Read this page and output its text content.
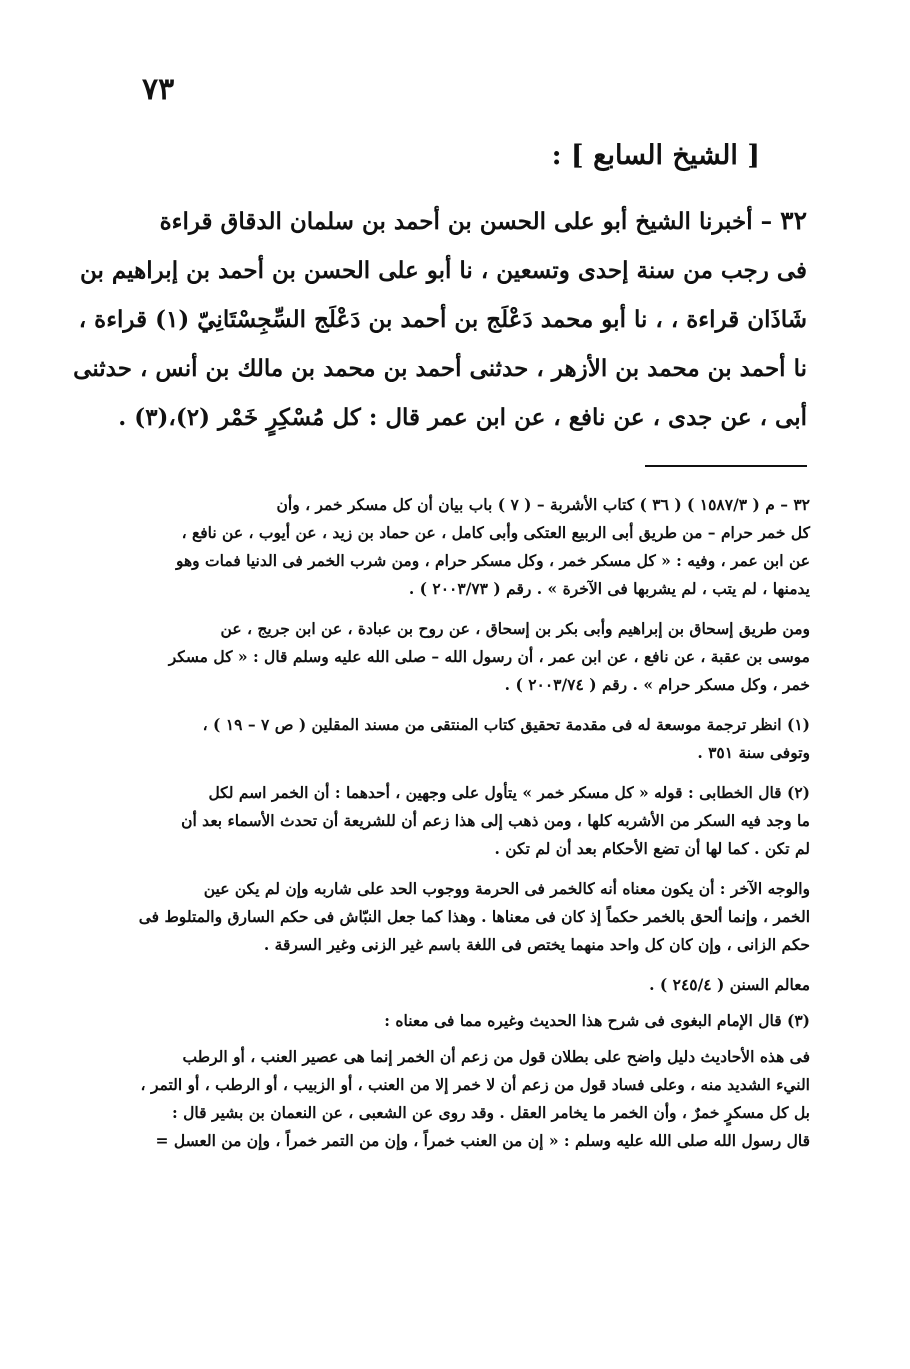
٧٣
[ الشيخ السابع ] :
٣٢ – أخبرنا الشيخ أبو على الحسن بن أحمد بن سلمان الدقاق قراءة
فى رجب من سنة إحدى وتسعين ، نا أبو على الحسن بن أحمد بن إبراهيم بن
شَاذَان قراءة ، ، نا أبو محمد دَعْلَج بن أحمد بن دَعْلَج السِّجِسْتَانِيّ (١) قراءة ،
نا أحمد بن محمد بن الأزهر ، حدثنى أحمد بن محمد بن مالك بن أنس ، حدثنى
أبى ، عن جدى ، عن نافع ، عن ابن عمر قال : كل مُسْكِرٍ خَمْر (٢)،(٣) .
٣٢ – م ( ١٥٨٧/٣ ) ( ٣٦ ) كتاب الأشربة – ( ٧ ) باب بيان أن كل مسكر خمر ، وأن
كل خمر حرام – من طريق أبى الربيع العتكى وأبى كامل ، عن حماد بن زيد ، عن أيوب ، عن نافع ،
عن ابن عمر ، وفيه : « كل مسكر خمر ، وكل مسكر حرام ، ومن شرب الخمر فى الدنيا فمات وهو
يدمنها ، لم يتب ، لم يشربها فى الآخرة » . رقم ( ٢٠٠٣/٧٣ ) .
ومن طريق إسحاق بن إبراهيم وأبى بكر بن إسحاق ، عن روح بن عبادة ، عن ابن جريج ، عن
موسى بن عقبة ، عن نافع ، عن ابن عمر ، أن رسول الله – صلى الله عليه وسلم قال : « كل مسكر
خمر ، وكل مسكر حرام » . رقم ( ٢٠٠٣/٧٤ ) .
(١) انظر ترجمة موسعة له فى مقدمة تحقيق كتاب المنتقى من مسند المقلين ( ص ٧ – ١٩ ) ،
وتوفى سنة ٣٥١ .
(٢) قال الخطابى : قوله « كل مسكر خمر » يتأول على وجهين ، أحدهما : أن الخمر اسم لكل
ما وجد فيه السكر من الأشربه كلها ، ومن ذهب إلى هذا زعم أن للشريعة أن تحدث الأسماء بعد أن
لم تكن . كما لها أن تضع الأحكام بعد أن لم تكن .
والوجه الآخر : أن يكون معناه أنه كالخمر فى الحرمة ووجوب الحد على شاربه وإن لم يكن عين
الخمر ، وإنما ألحق بالخمر حكماً إذ كان فى معناها . وهذا كما جعل النبّاش فى حكم السارق والمتلوط فى
حكم الزانى ، وإن كان كل واحد منهما يختص فى اللغة باسم غير الزنى وغير السرقة .
معالم السنن ( ٢٤٥/٤ ) .
(٣) قال الإمام البغوى فى شرح هذا الحديث وغيره مما فى معناه :
فى هذه الأحاديث دليل واضح على بطلان قول من زعم أن الخمر إنما هى عصير العنب ، أو الرطب
النيء الشديد منه ، وعلى فساد قول من زعم أن لا خمر إلا من العنب ، أو الزبيب ، أو الرطب ، أو التمر ،
بل كل مسكرٍ خمرٌ ، وأن الخمر ما يخامر العقل . وقد روى عن الشعبى ، عن النعمان بن بشير قال :
قال رسول الله صلى الله عليه وسلم : « إن من العنب خمراً ، وإن من التمر خمراً ، وإن من العسل =
